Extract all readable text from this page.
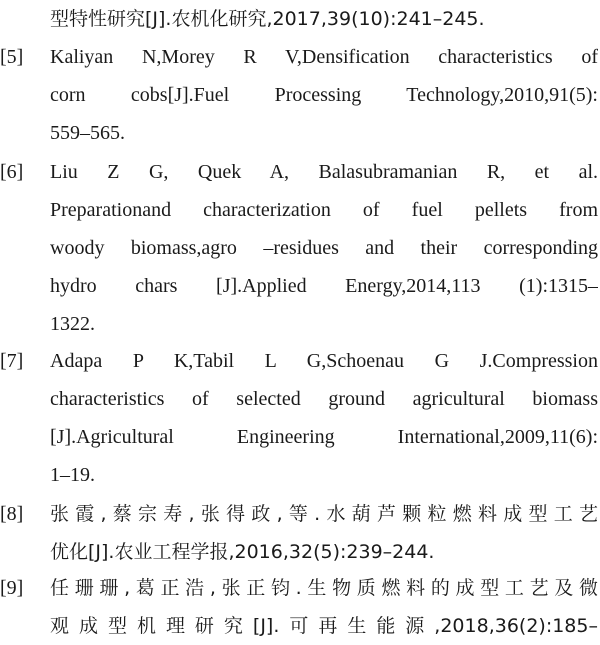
型特性研究[J].农机化研究,2017,39(10):241–245.
[5] Kaliyan N,Morey R V,Densification characteristics of
corn cobs[J].Fuel Processing Technology,2010,91(5):
559–565.
[6] Liu Z G, Quek A, Balasubramanian R, et al.
Preparationand characterization of fuel pellets from
woody biomass,agro –residues and their corresponding
hydro chars [J].Applied Energy,2014,113 (1):1315–
1322.
[7] Adapa P K,Tabil L G,Schoenau G J.Compression
characteristics of selected ground agricultural biomass
[J].Agricultural Engineering International,2009,11(6):
1–19.
[8] 张霞,蔡宗寿,张得政,等.水葫芦颗粒燃料成型工艺
优化[J].农业工程学报,2016,32(5):239–244.
[9] 任珊珊,葛正浩,张正钧.生物质燃料的成型工艺及微
观成型机理研究[J].可再生能源,2018,36(2):185–
